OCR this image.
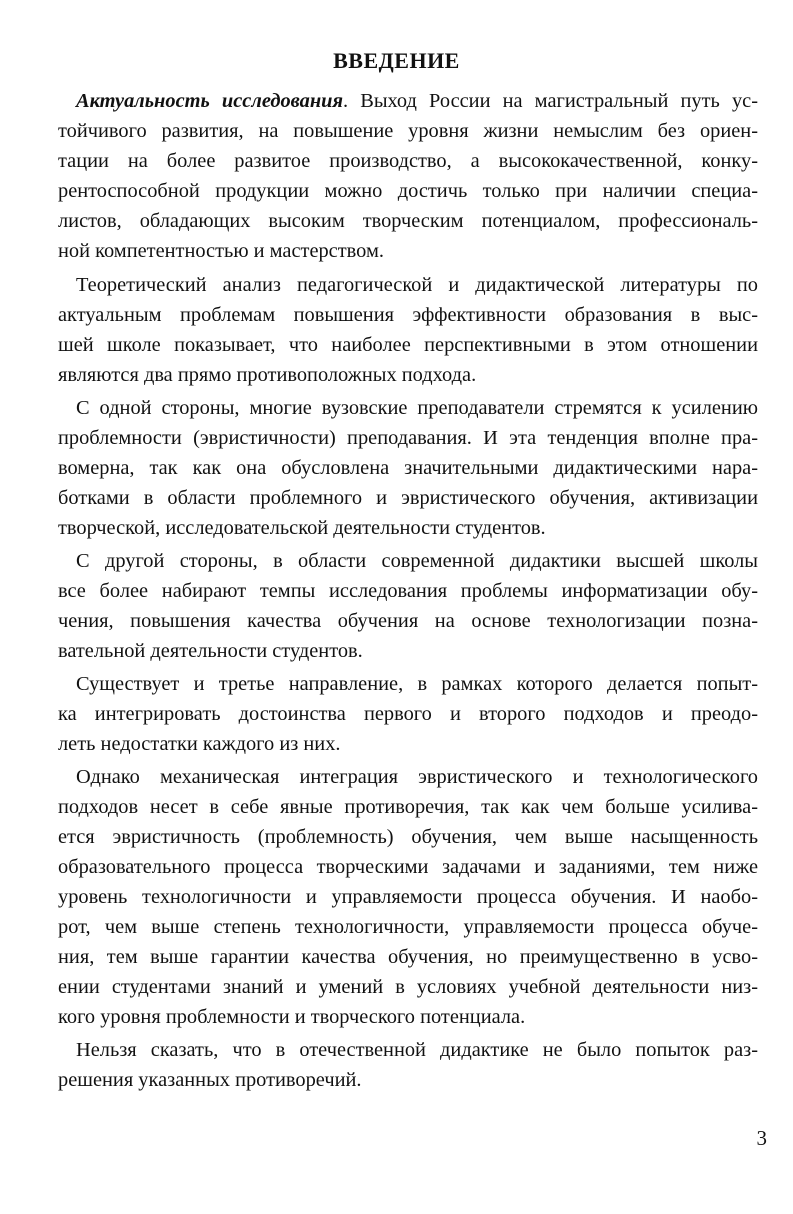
ВВЕДЕНИЕ
Актуальность исследования. Выход России на магистральный путь ус-
тойчивого развития, на повышение уровня жизни немыслим без ориен-
тации на более развитое производство, а высококачественной, конку-
рентоспособной продукции можно достичь только при наличии специа-
листов, обладающих высоким творческим потенциалом, профессиональ-
ной компетентностью и мастерством.
Теоретический анализ педагогической и дидактической литературы по
актуальным проблемам повышения эффективности образования в выс-
шей школе показывает, что наиболее перспективными в этом отношении
являются два прямо противоположных подхода.
С одной стороны, многие вузовские преподаватели стремятся к усилению
проблемности (эвристичности) преподавания. И эта тенденция вполне пра-
вомерна, так как она обусловлена значительными дидактическими нара-
ботками в области проблемного и эвристического обучения, активизации
творческой, исследовательской деятельности студентов.
С другой стороны, в области современной дидактики высшей школы
все более набирают темпы исследования проблемы информатизации обу-
чения, повышения качества обучения на основе технологизации позна-
вательной деятельности студентов.
Существует и третье направление, в рамках которого делается попыт-
ка интегрировать достоинства первого и второго подходов и преодо-
леть недостатки каждого из них.
Однако механическая интеграция эвристического и технологического
подходов несет в себе явные противоречия, так как чем больше усилива-
ется эвристичность (проблемность) обучения, чем выше насыщенность
образовательного процесса творческими задачами и заданиями, тем ниже
уровень технологичности и управляемости процесса обучения. И наобо-
рот, чем выше степень технологичности, управляемости процесса обуче-
ния, тем выше гарантии качества обучения, но преимущественно в усво-
ении студентами знаний и умений в условиях учебной деятельности низ-
кого уровня проблемности и творческого потенциала.
Нельзя сказать, что в отечественной дидактике не было попыток раз-
решения указанных противоречий.
3
